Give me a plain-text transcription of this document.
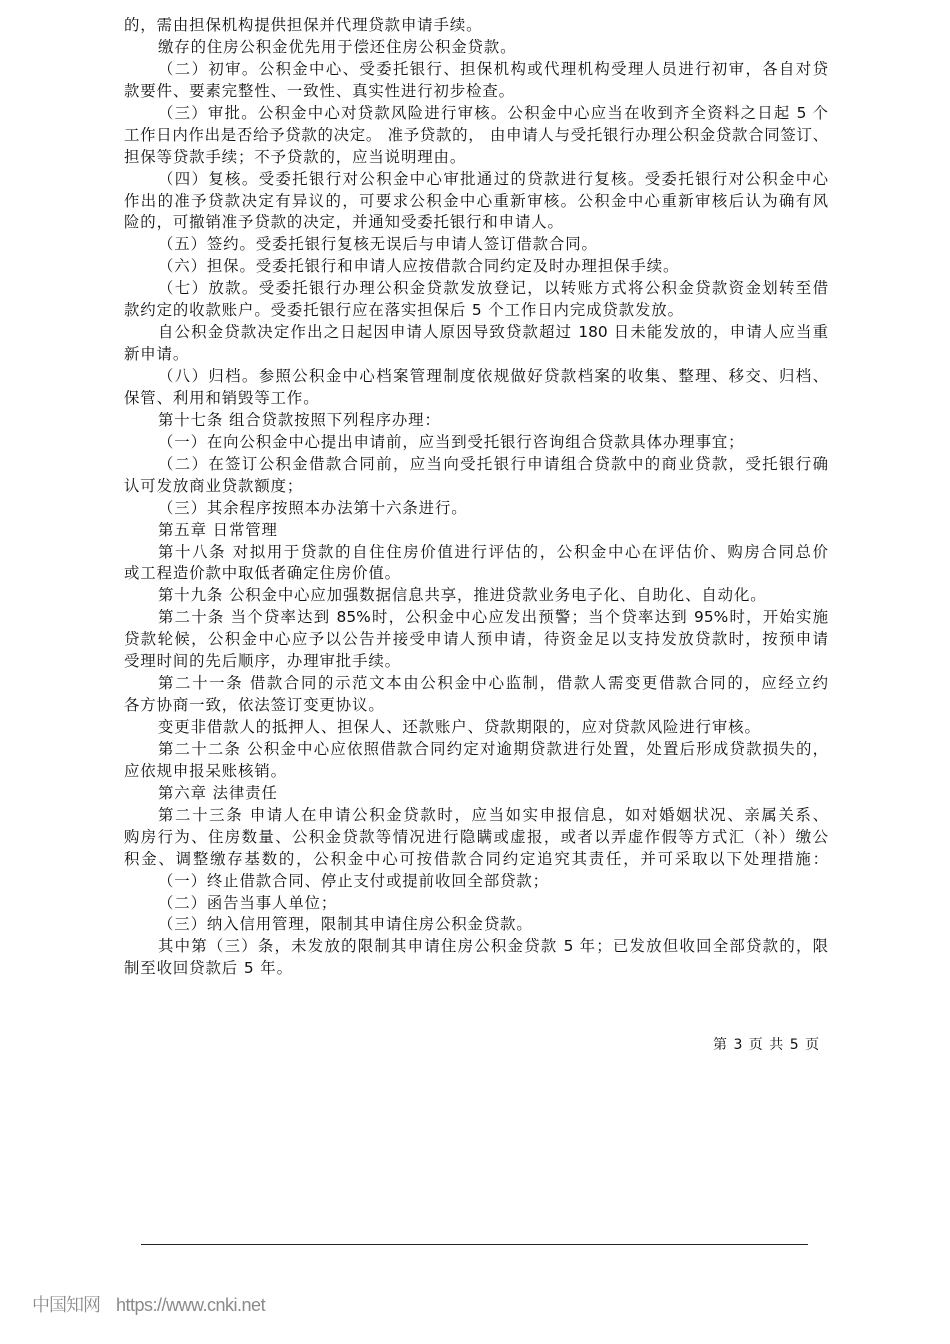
的，需由担保机构提供担保并代理贷款申请手续。
缴存的住房公积金优先用于偿还住房公积金贷款。
（二）初审。公积金中心、受委托银行、担保机构或代理机构受理人员进行初审，各自对贷
款要件、要素完整性、一致性、真实性进行初步检查。
（三）审批。公积金中心对贷款风险进行审核。公积金中心应当在收到齐全资料之日起 5 个
工作日内作出是否给予贷款的决定。 准予贷款的， 由申请人与受托银行办理公积金贷款合同签订、
担保等贷款手续；不予贷款的，应当说明理由。
（四）复核。受委托银行对公积金中心审批通过的贷款进行复核。受委托银行对公积金中心
作出的准予贷款决定有异议的，可要求公积金中心重新审核。公积金中心重新审核后认为确有风
险的，可撤销准予贷款的决定，并通知受委托银行和申请人。
（五）签约。受委托银行复核无误后与申请人签订借款合同。
（六）担保。受委托银行和申请人应按借款合同约定及时办理担保手续。
（七）放款。受委托银行办理公积金贷款发放登记，以转账方式将公积金贷款资金划转至借
款约定的收款账户。受委托银行应在落实担保后 5 个工作日内完成贷款发放。
自公积金贷款决定作出之日起因申请人原因导致贷款超过 180 日未能发放的，申请人应当重
新申请。
（八）归档。参照公积金中心档案管理制度依规做好贷款档案的收集、整理、移交、归档、
保管、利用和销毁等工作。
第十七条 组合贷款按照下列程序办理：
（一）在向公积金中心提出申请前，应当到受托银行咨询组合贷款具体办理事宜；
（二）在签订公积金借款合同前，应当向受托银行申请组合贷款中的商业贷款，受托银行确
认可发放商业贷款额度；
（三）其余程序按照本办法第十六条进行。
第五章 日常管理
第十八条 对拟用于贷款的自住住房价值进行评估的，公积金中心在评估价、购房合同总价
或工程造价款中取低者确定住房价值。
第十九条 公积金中心应加强数据信息共享，推进贷款业务电子化、自助化、自动化。
第二十条 当个贷率达到 85%时，公积金中心应发出预警；当个贷率达到 95%时，开始实施
贷款轮候，公积金中心应予以公告并接受申请人预申请，待资金足以支持发放贷款时，按预申请
受理时间的先后顺序，办理审批手续。
第二十一条 借款合同的示范文本由公积金中心监制，借款人需变更借款合同的，应经立约
各方协商一致，依法签订变更协议。
变更非借款人的抵押人、担保人、还款账户、贷款期限的，应对贷款风险进行审核。
第二十二条 公积金中心应依照借款合同约定对逾期贷款进行处置，处置后形成贷款损失的，
应依规申报呆账核销。
第六章 法律责任
第二十三条 申请人在申请公积金贷款时，应当如实申报信息，如对婚姻状况、亲属关系、
购房行为、住房数量、公积金贷款等情况进行隐瞒或虚报，或者以弄虚作假等方式汇（补）缴公
积金、调整缴存基数的，公积金中心可按借款合同约定追究其责任，并可采取以下处理措施：
（一）终止借款合同、停止支付或提前收回全部贷款；
（二）函告当事人单位；
（三）纳入信用管理，限制其申请住房公积金贷款。
其中第（三）条，未发放的限制其申请住房公积金贷款 5 年；已发放但收回全部贷款的，限
制至收回贷款后 5 年。
第 3 页 共 5 页
中国知网 https://www.cnki.net
